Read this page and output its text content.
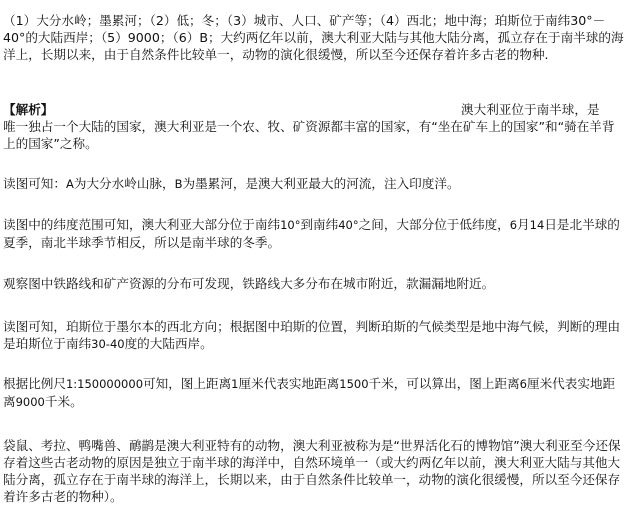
（1）大分水岭；墨累河；（2）低；冬；（3）城市、人口、矿产等；（4）西北；地中海；珀斯位于南纬30°－40°的大陆西岸；（5）9000；（6）B；大约两亿年以前，澳大利亚大陆与其他大陆分离，孤立存在于南半球的海洋上，长期以来，由于自然条件比较单一，动物的演化很缓慢，所以至今还保存着许多古老的物种.

【解析】	澳大利亚位于南半球，是

唯一独占一个大陆的国家，澳大利亚是一个农、牧、矿资源都丰富的国家，有“坐在矿车上的国家”和“骑在羊背上的国家”之称。

读图可知：A为大分水岭山脉，B为墨累河，是澳大利亚最大的河流，注入印度洋。

读图中的纬度范围可知，澳大利亚大部分位于南纬10°到南纬40°之间，大部分位于低纬度，6月14日是北半球的夏季，南北半球季节相反，所以是南半球的冬季。

观察图中铁路线和矿产资源的分布可发现，铁路线大多分布在城市附近，款漏漏地附近。

读图可知，珀斯位于墨尔本的西北方向；根据图中珀斯的位置，判断珀斯的气候类型是地中海气候，判断的理由是珀斯位于南纬30-40度的大陆西岸。

根据比例尺1:150000000可知，图上距离1厘米代表实地距离1500千米，可以算出，图上距离6厘米代表实地距离9000千米。

袋鼠、考拉、鸭嘴兽、鸸鹋是澳大利亚特有的动物，澳大利亚被称为是“世界活化石的博物馆”澳大利亚至今还保存着这些古老动物的原因是独立于南半球的海洋中，自然环境单一（或大约两亿年以前，澳大利亚大陆与其他大陆分离，孤立存在于南半球的海洋上，长期以来，由于自然条件比较单一，动物的演化很缓慢，所以至今还保存着许多古老的物种）。
